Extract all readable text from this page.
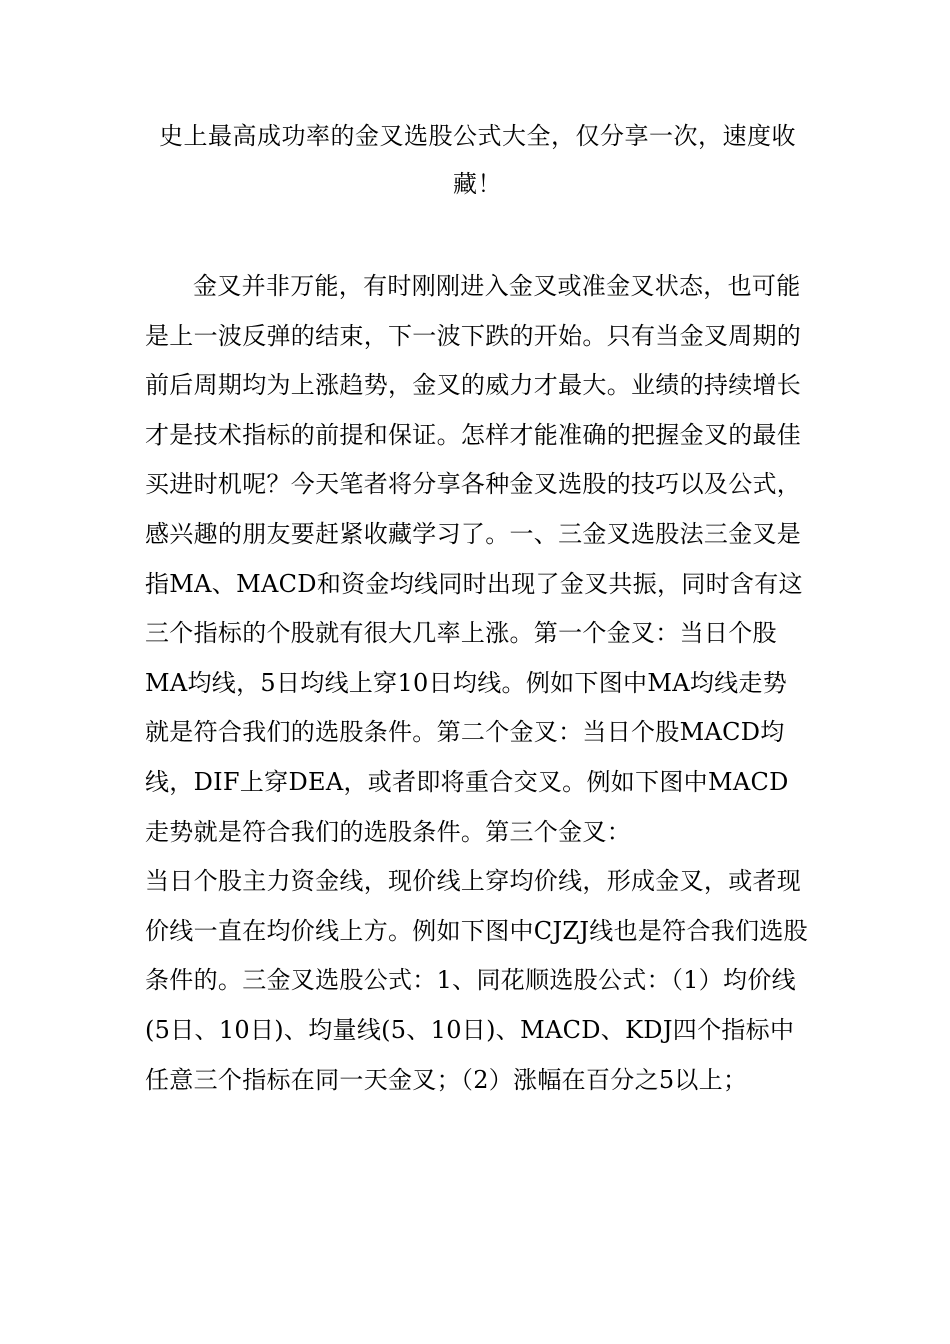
史上最高成功率的金叉选股公式大全，仅分享一次，速度收藏！

金叉并非万能，有时刚刚进入金叉或准金叉状态，也可能是上一波反弹的结束，下一波下跌的开始。只有当金叉周期的前后周期均为上涨趋势，金叉的威力才最大。业绩的持续增长才是技术指标的前提和保证。怎样才能准确的把握金叉的最佳买进时机呢？今天笔者将分享各种金叉选股的技巧以及公式，感兴趣的朋友要赶紧收藏学习了。一、三金叉选股法三金叉是指MA、MACD和资金均线同时出现了金叉共振，同时含有这三个指标的个股就有很大几率上涨。第一个金叉：当日个股MA均线，5日均线上穿10日均线。例如下图中MA均线走势就是符合我们的选股条件。第二个金叉：当日个股MACD均线，DIF上穿DEA，或者即将重合交叉。例如下图中MACD走势就是符合我们的选股条件。第三个金叉：

当日个股主力资金线，现价线上穿均价线，形成金叉，或者现价线一直在均价线上方。例如下图中CJZJ线也是符合我们选股条件的。三金叉选股公式：1、同花顺选股公式：（1）均价线(5日、10日)、均量线(5、10日)、MACD、KDJ四个指标中任意三个指标在同一天金叉；（2）涨幅在百分之5以上；
